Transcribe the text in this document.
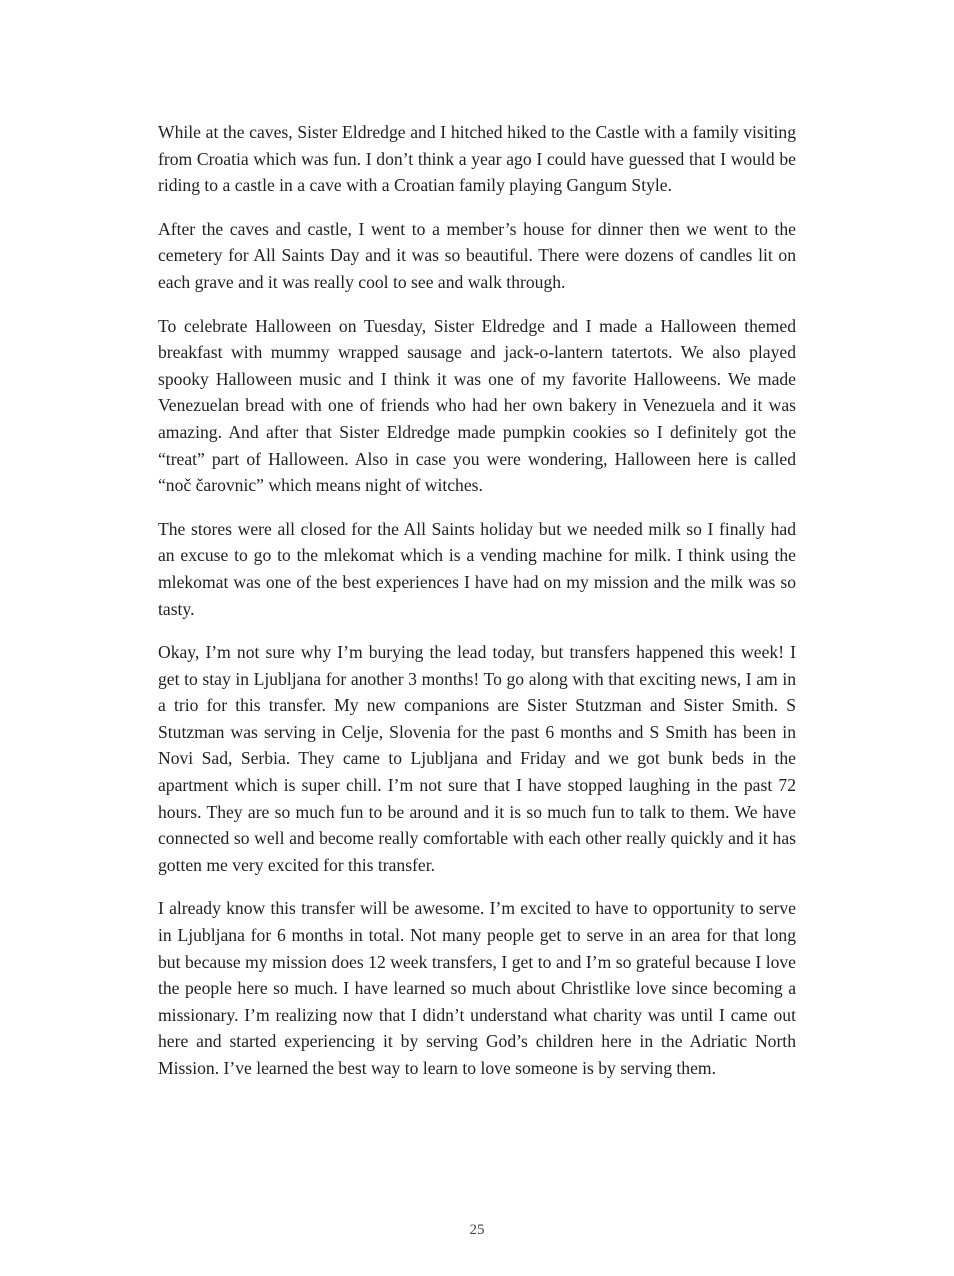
While at the caves, Sister Eldredge and I hitched hiked to the Castle with a family visiting from Croatia which was fun. I don’t think a year ago I could have guessed that I would be riding to a castle in a cave with a Croatian family playing Gangum Style.

After the caves and castle, I went to a member’s house for dinner then we went to the cemetery for All Saints Day and it was so beautiful. There were dozens of candles lit on each grave and it was really cool to see and walk through.

To celebrate Halloween on Tuesday, Sister Eldredge and I made a Halloween themed breakfast with mummy wrapped sausage and jack-o-lantern tatertots. We also played spooky Halloween music and I think it was one of my favorite Halloweens. We made Venezuelan bread with one of friends who had her own bakery in Venezuela and it was amazing. And after that Sister Eldredge made pumpkin cookies so I definitely got the “treat” part of Halloween. Also in case you were wondering, Halloween here is called “noč čarovnic” which means night of witches.

The stores were all closed for the All Saints holiday but we needed milk so I finally had an excuse to go to the mlekomat which is a vending machine for milk. I think using the mlekomat was one of the best experiences I have had on my mission and the milk was so tasty.

Okay, I’m not sure why I’m burying the lead today, but transfers happened this week! I get to stay in Ljubljana for another 3 months! To go along with that exciting news, I am in a trio for this transfer. My new companions are Sister Stutzman and Sister Smith. S Stutzman was serving in Celje, Slovenia for the past 6 months and S Smith has been in Novi Sad, Serbia. They came to Ljubljana and Friday and we got bunk beds in the apartment which is super chill. I’m not sure that I have stopped laughing in the past 72 hours. They are so much fun to be around and it is so much fun to talk to them. We have connected so well and become really comfortable with each other really quickly and it has gotten me very excited for this transfer.

I already know this transfer will be awesome. I’m excited to have to opportunity to serve in Ljubljana for 6 months in total. Not many people get to serve in an area for that long but because my mission does 12 week transfers, I get to and I’m so grateful because I love the people here so much. I have learned so much about Christlike love since becoming a missionary. I’m realizing now that I didn’t understand what charity was until I came out here and started experiencing it by serving God’s children here in the Adriatic North Mission. I’ve learned the best way to learn to love someone is by serving them.

25
